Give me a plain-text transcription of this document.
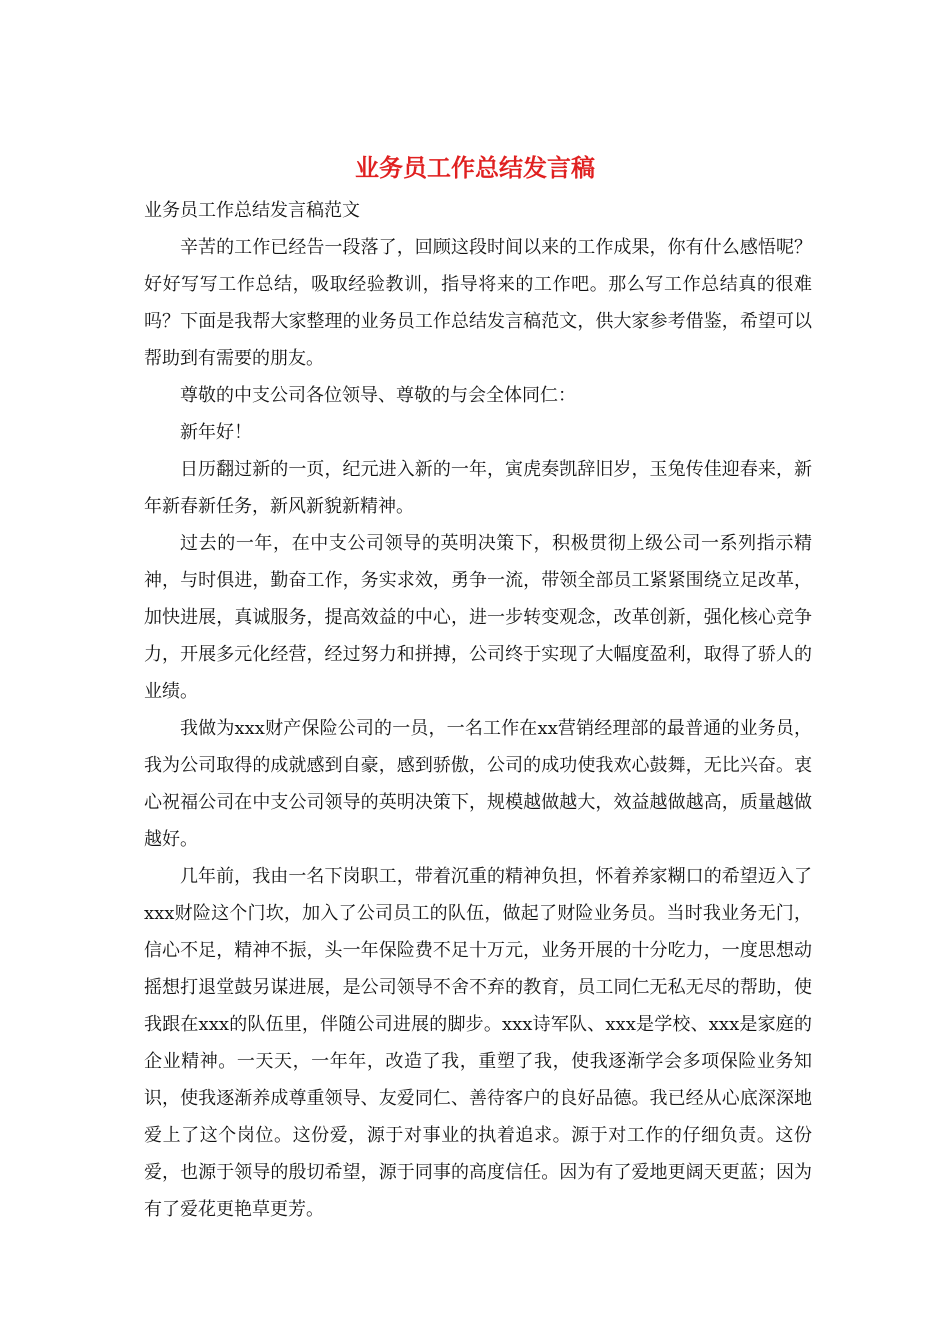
业务员工作总结发言稿

业务员工作总结发言稿范文

辛苦的工作已经告一段落了，回顾这段时间以来的工作成果，你有什么感悟呢？好好写写工作总结，吸取经验教训，指导将来的工作吧。那么写工作总结真的很难吗？下面是我帮大家整理的业务员工作总结发言稿范文，供大家参考借鉴，希望可以帮助到有需要的朋友。

尊敬的中支公司各位领导、尊敬的与会全体同仁：

新年好！

日历翻过新的一页，纪元进入新的一年，寅虎奏凯辞旧岁，玉兔传佳迎春来，新年新春新任务，新风新貌新精神。

过去的一年，在中支公司领导的英明决策下，积极贯彻上级公司一系列指示精神，与时俱进，勤奋工作，务实求效，勇争一流，带领全部员工紧紧围绕立足改革，加快进展，真诚服务，提高效益的中心，进一步转变观念，改革创新，强化核心竞争力，开展多元化经营，经过努力和拼搏，公司终于实现了大幅度盈利，取得了骄人的业绩。

我做为xxx财产保险公司的一员，一名工作在xx营销经理部的最普通的业务员，我为公司取得的成就感到自豪，感到骄傲，公司的成功使我欢心鼓舞，无比兴奋。衷心祝福公司在中支公司领导的英明决策下，规模越做越大，效益越做越高，质量越做越好。

几年前，我由一名下岗职工，带着沉重的精神负担，怀着养家糊口的希望迈入了xxx财险这个门坎，加入了公司员工的队伍，做起了财险业务员。当时我业务无门，信心不足，精神不振，头一年保险费不足十万元，业务开展的十分吃力，一度思想动摇想打退堂鼓另谋进展，是公司领导不舍不弃的教育，员工同仁无私无尽的帮助，使我跟在xxx的队伍里，伴随公司进展的脚步。xxx诗军队、xxx是学校、xxx是家庭的企业精神。一天天，一年年，改造了我，重塑了我，使我逐渐学会多项保险业务知识，使我逐渐养成尊重领导、友爱同仁、善待客户的良好品德。我已经从心底深深地爱上了这个岗位。这份爱，源于对事业的执着追求。源于对工作的仔细负责。这份爱，也源于领导的殷切希望，源于同事的高度信任。因为有了爱地更阔天更蓝；因为有了爱花更艳草更芳。
